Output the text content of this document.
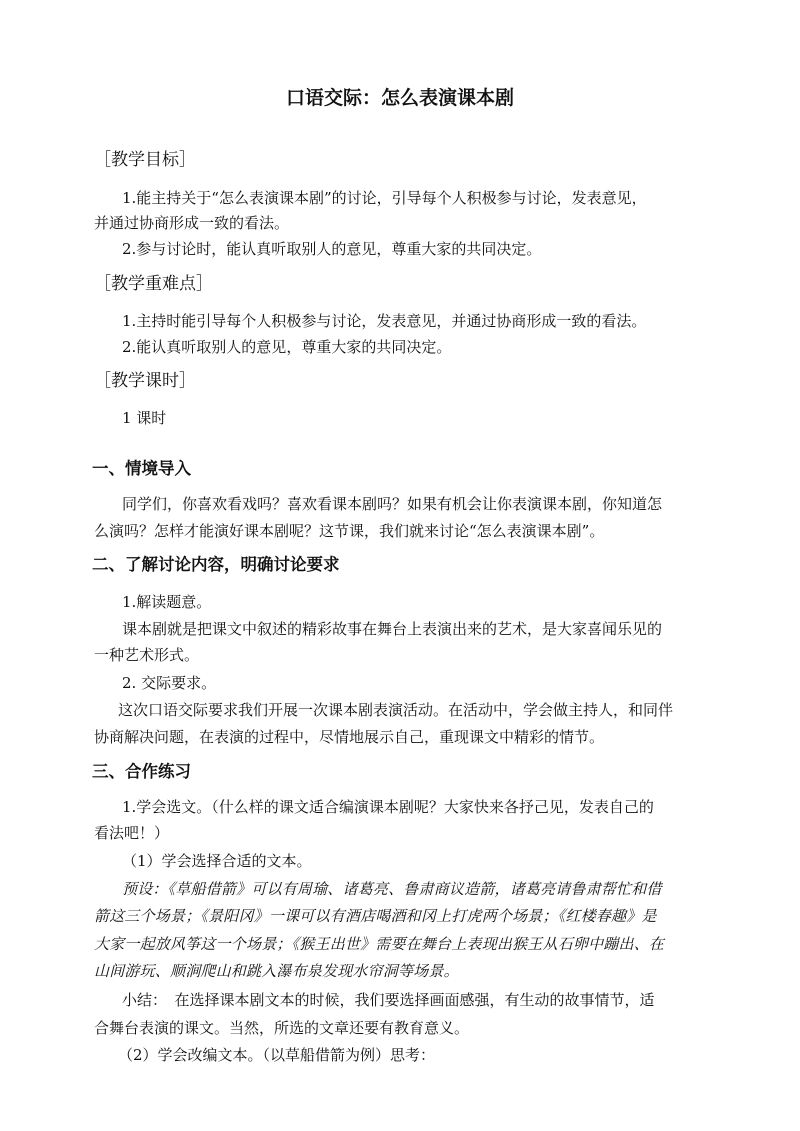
口语交际：怎么表演课本剧
［教学目标］
1.能主持关于“怎么表演课本剧”的讨论，引导每个人积极参与讨论，发表意见，
并通过协商形成一致的看法。
2.参与讨论时，能认真听取别人的意见，尊重大家的共同决定。
［教学重难点］
1.主持时能引导每个人积极参与讨论，发表意见，并通过协商形成一致的看法。
2.能认真听取别人的意见，尊重大家的共同决定。
［教学课时］
1 课时
一、情境导入
同学们，你喜欢看戏吗？喜欢看课本剧吗？如果有机会让你表演课本剧，你知道怎
么演吗？怎样才能演好课本剧呢？这节课，我们就来讨论“怎么表演课本剧”。
二、了解讨论内容，明确讨论要求
1.解读题意。
课本剧就是把课文中叙述的精彩故事在舞台上表演出来的艺术，是大家喜闻乐见的
一种艺术形式。
2. 交际要求。
这次口语交际要求我们开展一次课本剧表演活动。在活动中，学会做主持人，和同伴
协商解决问题，在表演的过程中，尽情地展示自己，重现课文中精彩的情节。
三、合作练习
1.学会选文。（什么样的课文适合编演课本剧呢？大家快来各抒己见，发表自己的
看法吧！）
（1）学会选择合适的文本。
预设：《草船借箭》可以有周瑜、诸葛亮、鲁肃商议造箭，诸葛亮请鲁肃帮忙和借
箭这三个场景；《景阳冈》一课可以有酒店喝酒和冈上打虎两个场景；《红楼春趣》是
大家一起放风筝这一个场景；《猴王出世》需要在舞台上表现出猴王从石卵中蹦出、在
山间游玩、顺涧爬山和跳入瀑布泉发现水帘洞等场景。
小结：　在选择课本剧文本的时候，我们要选择画面感强，有生动的故事情节，适
合舞台表演的课文。当然，所选的文章还要有教育意义。
（2）学会改编文本。（以草船借箭为例）思考：
